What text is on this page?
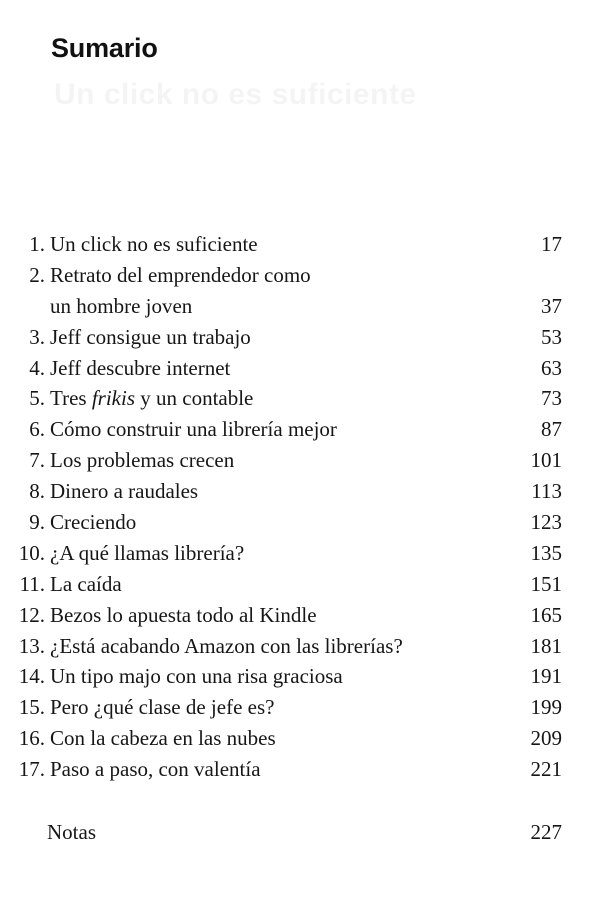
Sumario
1. Un click no es suficiente	17
2. Retrato del emprendedor como
un hombre joven	37
3. Jeff consigue un trabajo	53
4. Jeff descubre internet	63
5. Tres frikis y un contable	73
6. Cómo construir una librería mejor	87
7. Los problemas crecen	101
8. Dinero a raudales	113
9. Creciendo	123
10. ¿A qué llamas librería?	135
11. La caída	151
12. Bezos lo apuesta todo al Kindle	165
13. ¿Está acabando Amazon con las librerías?	181
14. Un tipo majo con una risa graciosa	191
15. Pero ¿qué clase de jefe es?	199
16. Con la cabeza en las nubes	209
17. Paso a paso, con valentía	221
Notas	227
